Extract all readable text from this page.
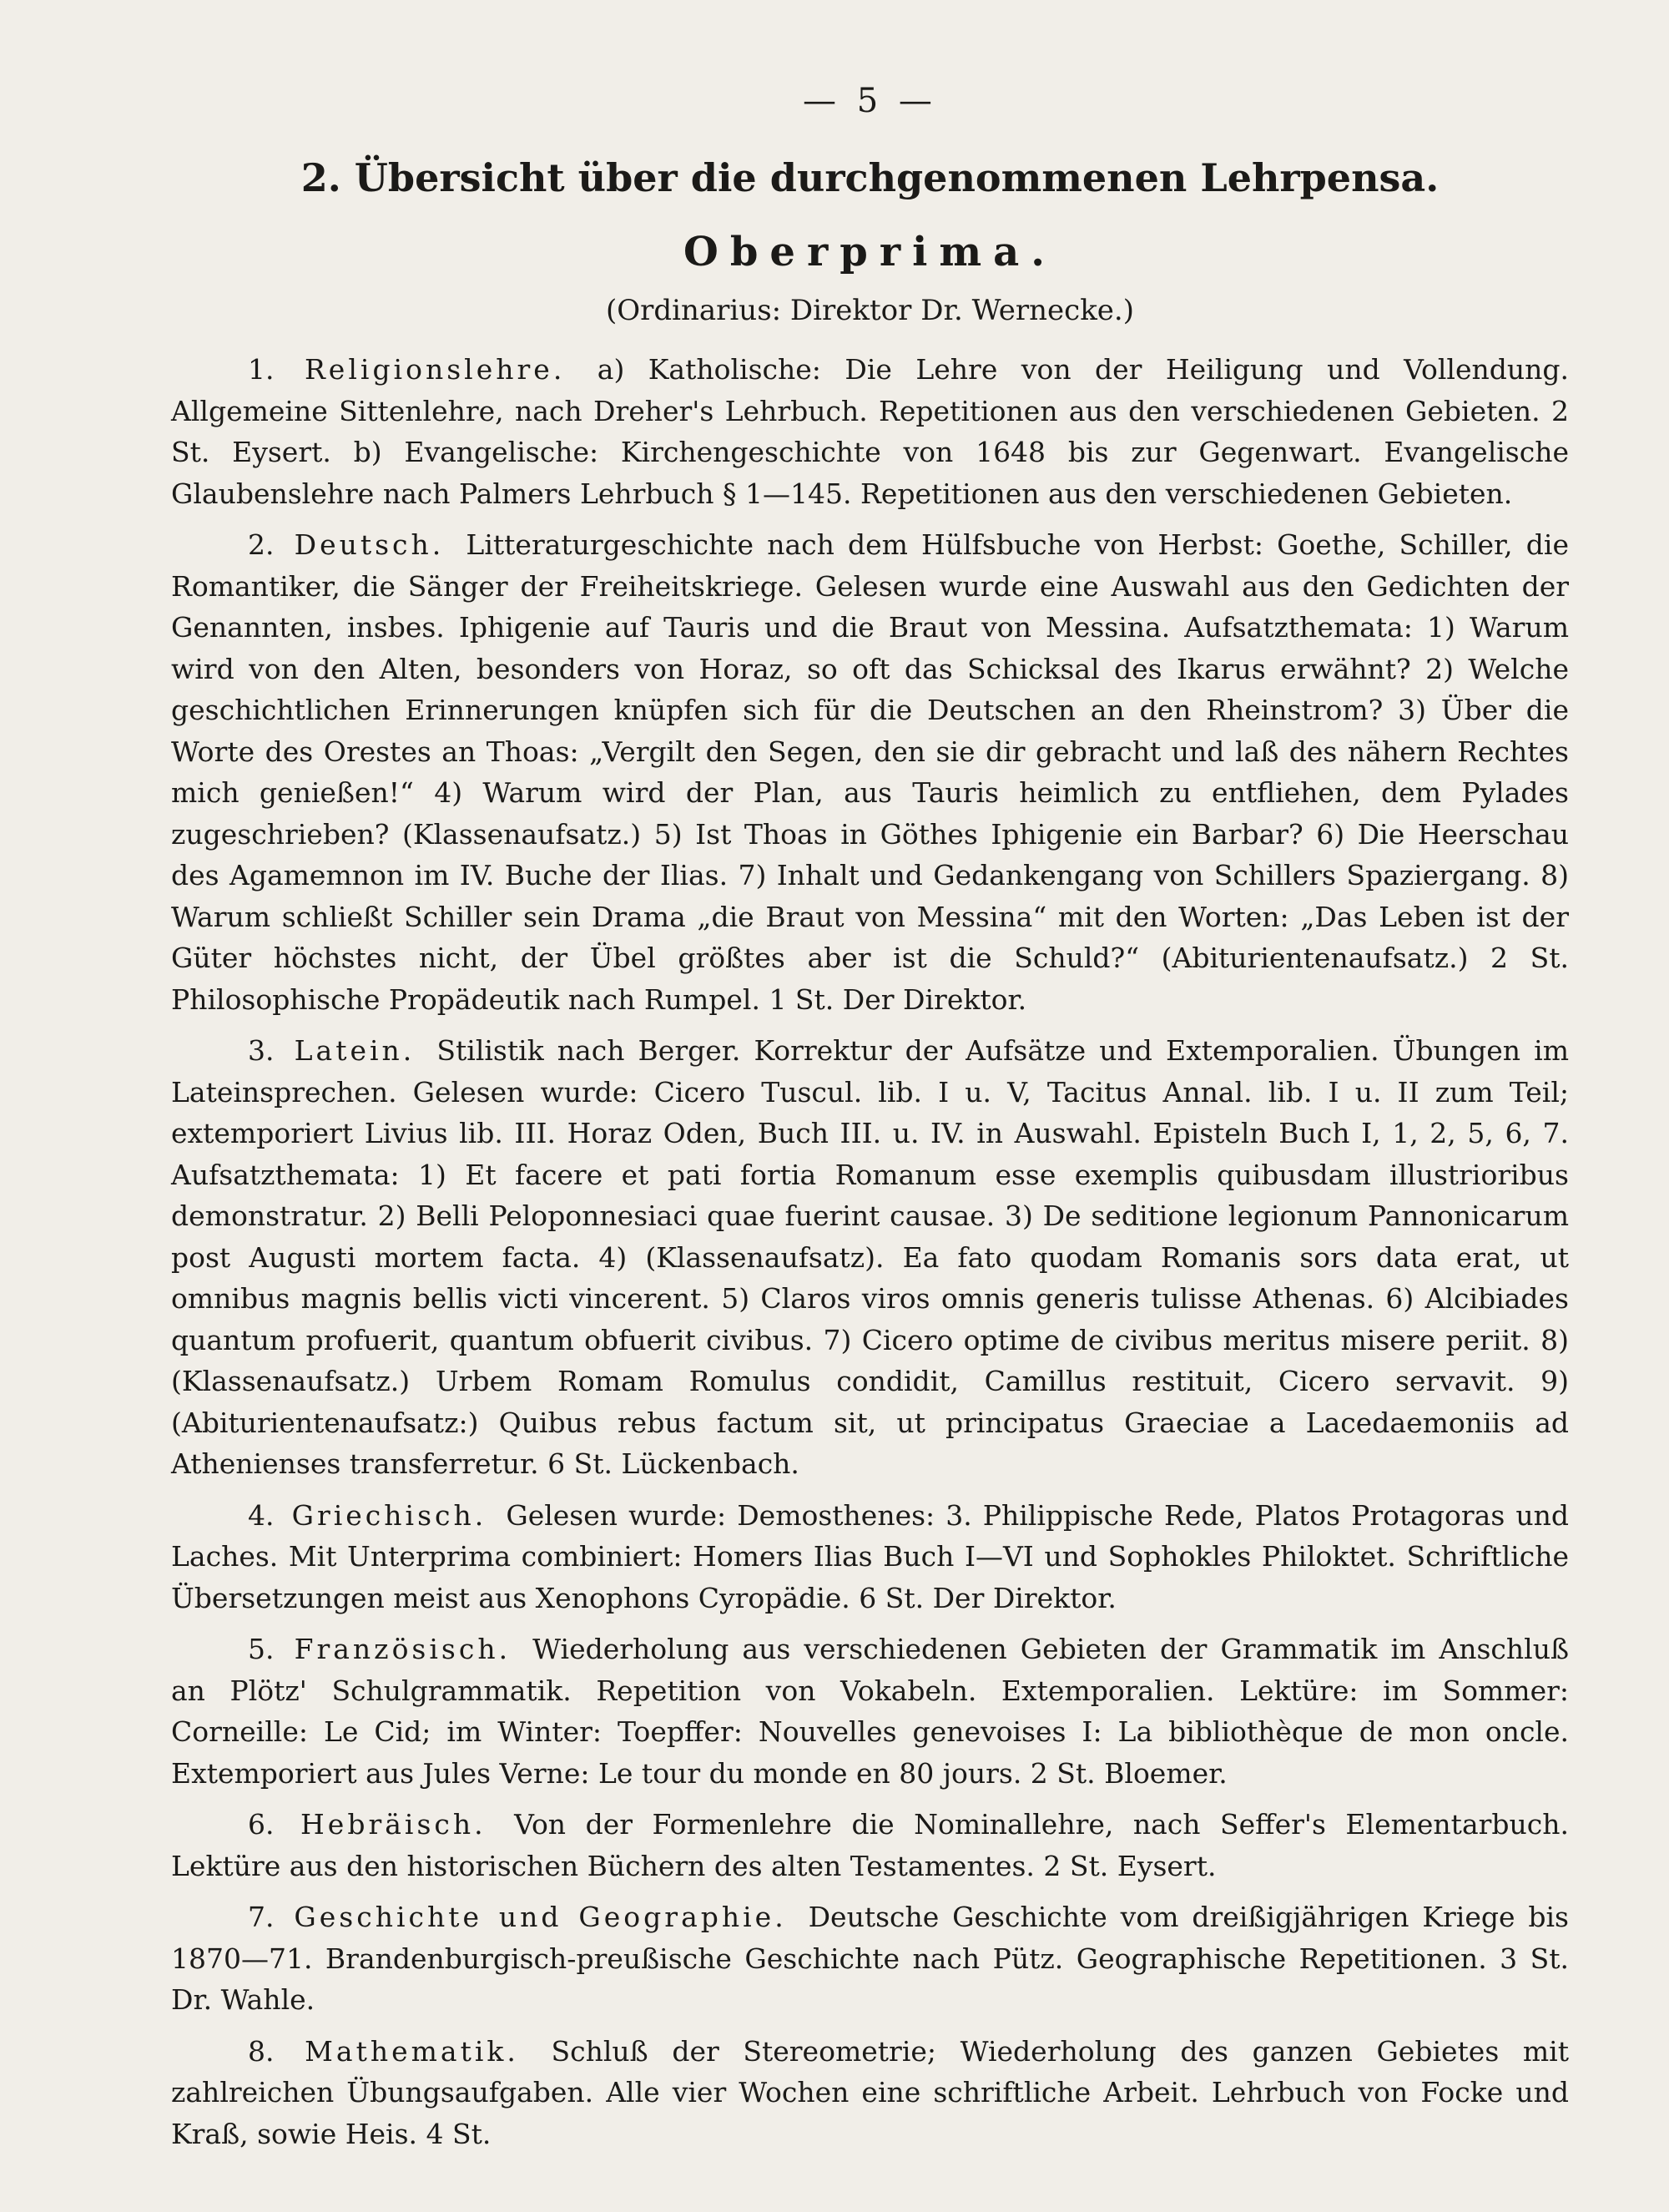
— 5 —
2. Übersicht über die durchgenommenen Lehrpensa.
Oberprima.
(Ordinarius: Direktor Dr. Wernecke.)

1. Religionslehre. a) Katholische: Die Lehre von der Heiligung und Vollendung. Allgemeine Sittenlehre, nach Dreher's Lehrbuch. Repetitionen aus den verschiedenen Gebieten. 2 St. Eysert. b) Evangelische: Kirchengeschichte von 1648 bis zur Gegenwart. Evangelische Glaubenslehre nach Palmers Lehrbuch § 1—145. Repetitionen aus den verschiedenen Gebieten.

2. Deutsch. Litteraturgeschichte nach dem Hülfsbuche von Herbst: Goethe, Schiller, die Romantiker, die Sänger der Freiheitskriege. Gelesen wurde eine Auswahl aus den Gedichten der Genannten, insbes. Iphigenie auf Tauris und die Braut von Messina. Aufsatzthemata: 1) Warum wird von den Alten, besonders von Horaz, so oft das Schicksal des Ikarus erwähnt? 2) Welche geschichtlichen Erinnerungen knüpfen sich für die Deutschen an den Rheinstrom? 3) Über die Worte des Orestes an Thoas: „Vergilt den Segen, den sie dir gebracht und laß des nähern Rechtes mich genießen!“ 4) Warum wird der Plan, aus Tauris heimlich zu entfliehen, dem Pylades zugeschrieben? (Klassenaufsatz.) 5) Ist Thoas in Göthes Iphigenie ein Barbar? 6) Die Heerschau des Agamemnon im IV. Buche der Ilias. 7) Inhalt und Gedankengang von Schillers Spaziergang. 8) Warum schließt Schiller sein Drama „die Braut von Messina“ mit den Worten: „Das Leben ist der Güter höchstes nicht, der Übel größtes aber ist die Schuld?“ (Abiturientenaufsatz.) 2 St. Philosophische Propädeutik nach Rumpel. 1 St. Der Direktor.

3. Latein. Stilistik nach Berger. Korrektur der Aufsätze und Extemporalien. Übungen im Lateinsprechen. Gelesen wurde: Cicero Tuscul. lib. I u. V, Tacitus Annal. lib. I u. II zum Teil; extemporiert Livius lib. III. Horaz Oden, Buch III. u. IV. in Auswahl. Episteln Buch I, 1, 2, 5, 6, 7. Aufsatzthemata: 1) Et facere et pati fortia Romanum esse exemplis quibusdam illustrioribus demonstratur. 2) Belli Peloponnesiaci quae fuerint causae. 3) De seditione legionum Pannonicarum post Augusti mortem facta. 4) (Klassenaufsatz). Ea fato quodam Romanis sors data erat, ut omnibus magnis bellis victi vincerent. 5) Claros viros omnis generis tulisse Athenas. 6) Alcibiades quantum profuerit, quantum obfuerit civibus. 7) Cicero optime de civibus meritus misere periit. 8) (Klassenaufsatz.) Urbem Romam Romulus condidit, Camillus restituit, Cicero servavit. 9) (Abiturientenaufsatz:) Quibus rebus factum sit, ut principatus Graeciae a Lacedaemoniis ad Athenienses transferretur. 6 St. Lückenbach.

4. Griechisch. Gelesen wurde: Demosthenes: 3. Philippische Rede, Platos Protagoras und Laches. Mit Unterprima combiniert: Homers Ilias Buch I—VI und Sophokles Philoktet. Schriftliche Übersetzungen meist aus Xenophons Cyropädie. 6 St. Der Direktor.

5. Französisch. Wiederholung aus verschiedenen Gebieten der Grammatik im Anschluß an Plötz' Schulgrammatik. Repetition von Vokabeln. Extemporalien. Lektüre: im Sommer: Corneille: Le Cid; im Winter: Toepffer: Nouvelles genevoises I: La bibliothèque de mon oncle. Extemporiert aus Jules Verne: Le tour du monde en 80 jours. 2 St. Bloemer.

6. Hebräisch. Von der Formenlehre die Nominallehre, nach Seffer's Elementarbuch. Lektüre aus den historischen Büchern des alten Testamentes. 2 St. Eysert.

7. Geschichte und Geographie. Deutsche Geschichte vom dreißigjährigen Kriege bis 1870—71. Brandenburgisch-preußische Geschichte nach Pütz. Geographische Repetitionen. 3 St. Dr. Wahle.

8. Mathematik. Schluß der Stereometrie; Wiederholung des ganzen Gebietes mit zahlreichen Übungsaufgaben. Alle vier Wochen eine schriftliche Arbeit. Lehrbuch von Focke und Kraß, sowie Heis. 4 St.
